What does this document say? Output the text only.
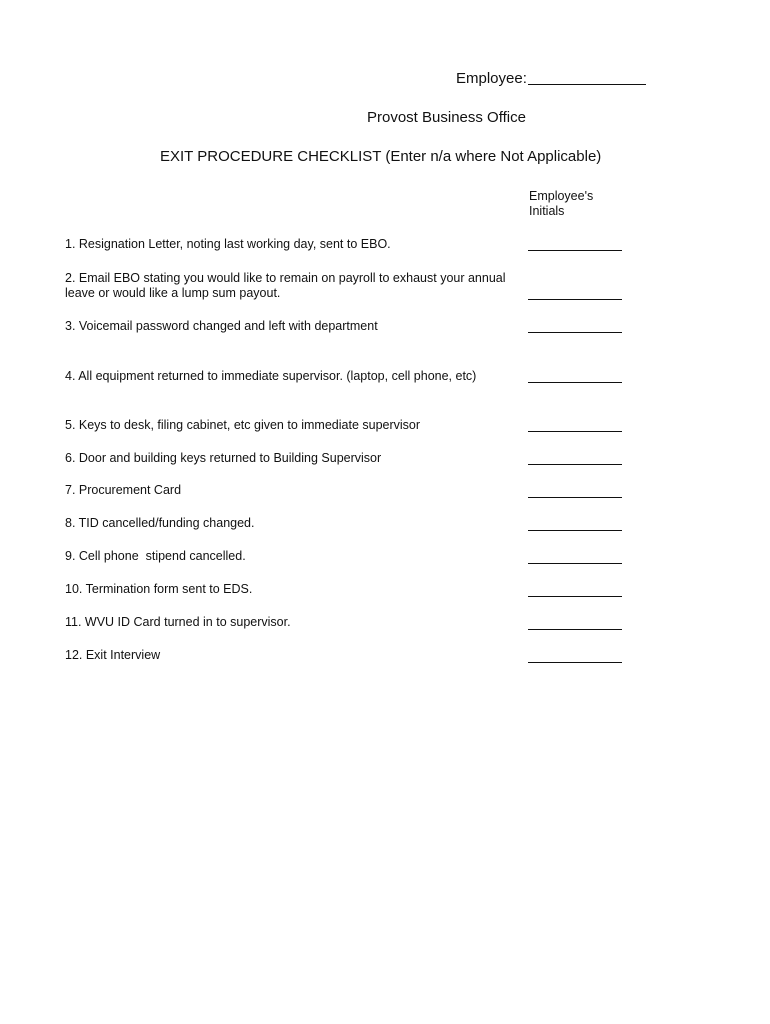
Employee:
Provost Business Office
EXIT PROCEDURE CHECKLIST (Enter n/a where Not Applicable)
Employee's
Initials
1. Resignation Letter, noting last working day, sent to EBO.
2. Email EBO stating you would like to remain on payroll to exhaust your annual
leave or would like a lump sum payout.
3. Voicemail password changed and left with department
4. All equipment returned to immediate supervisor. (laptop, cell phone, etc)
5. Keys to desk, filing cabinet, etc given to immediate supervisor
6. Door and building keys returned to Building Supervisor
7. Procurement Card
8. TID cancelled/funding changed.
9. Cell phone  stipend cancelled.
10. Termination form sent to EDS.
11. WVU ID Card turned in to supervisor.
12. Exit Interview
